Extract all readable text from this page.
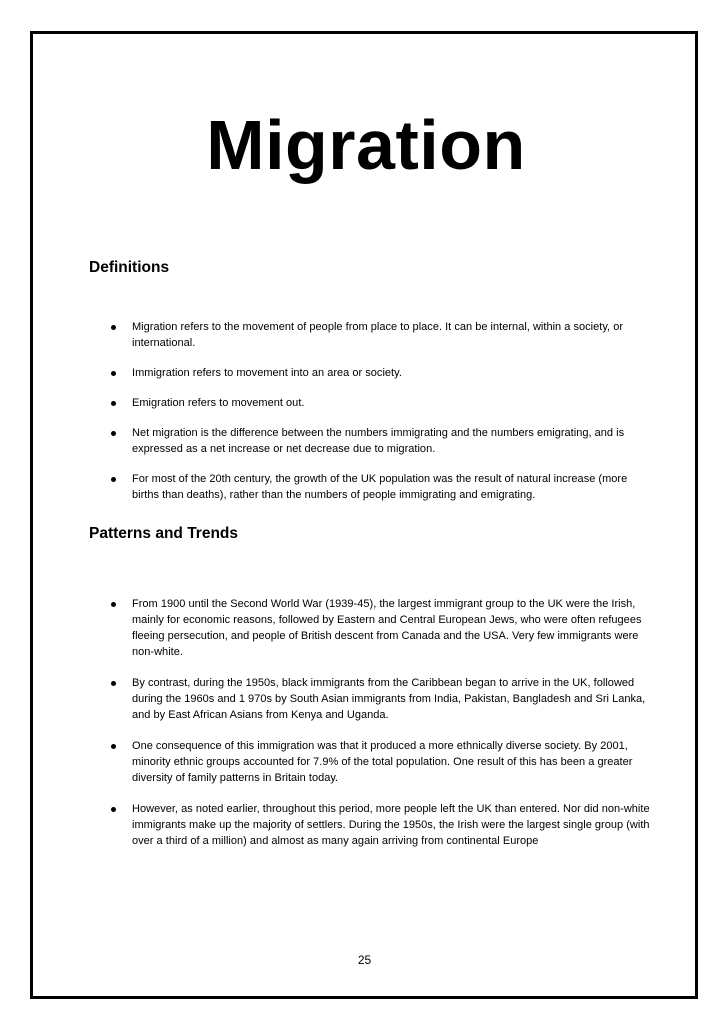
Migration
Definitions
Migration refers to the movement of people from place to place. It can be internal, within a society, or international.
Immigration refers to movement into an area or society.
Emigration refers to movement out.
Net migration is the difference between the numbers immigrating and the numbers emigrating, and is expressed as a net increase or net decrease due to migration.
For most of the 20th century, the growth of the UK population was the result of natural increase (more births than deaths), rather than the numbers of people immigrating and emigrating.
Patterns and Trends
From 1900 until the Second World War (1939-45), the largest immigrant group to the UK were the Irish, mainly for economic reasons, followed by Eastern and Central European Jews, who were often refugees fleeing persecution, and people of British descent from Canada and the USA. Very few immigrants were non-white.
By contrast, during the 1950s, black immigrants from the Caribbean began to arrive in the UK, followed during the 1960s and 1 970s by South Asian immigrants from India, Pakistan, Bangladesh and Sri Lanka, and by East African Asians from Kenya and Uganda.
One consequence of this immigration was that it produced a more ethnically diverse society. By 2001, minority ethnic groups accounted for 7.9% of the total population. One result of this has been a greater diversity of family patterns in Britain today.
However, as noted earlier, throughout this period, more people left the UK than entered. Nor did non-white immigrants make up the majority of settlers. During the 1950s, the Irish were the largest single group (with over a third of a million) and almost as many again arriving from continental Europe
25
